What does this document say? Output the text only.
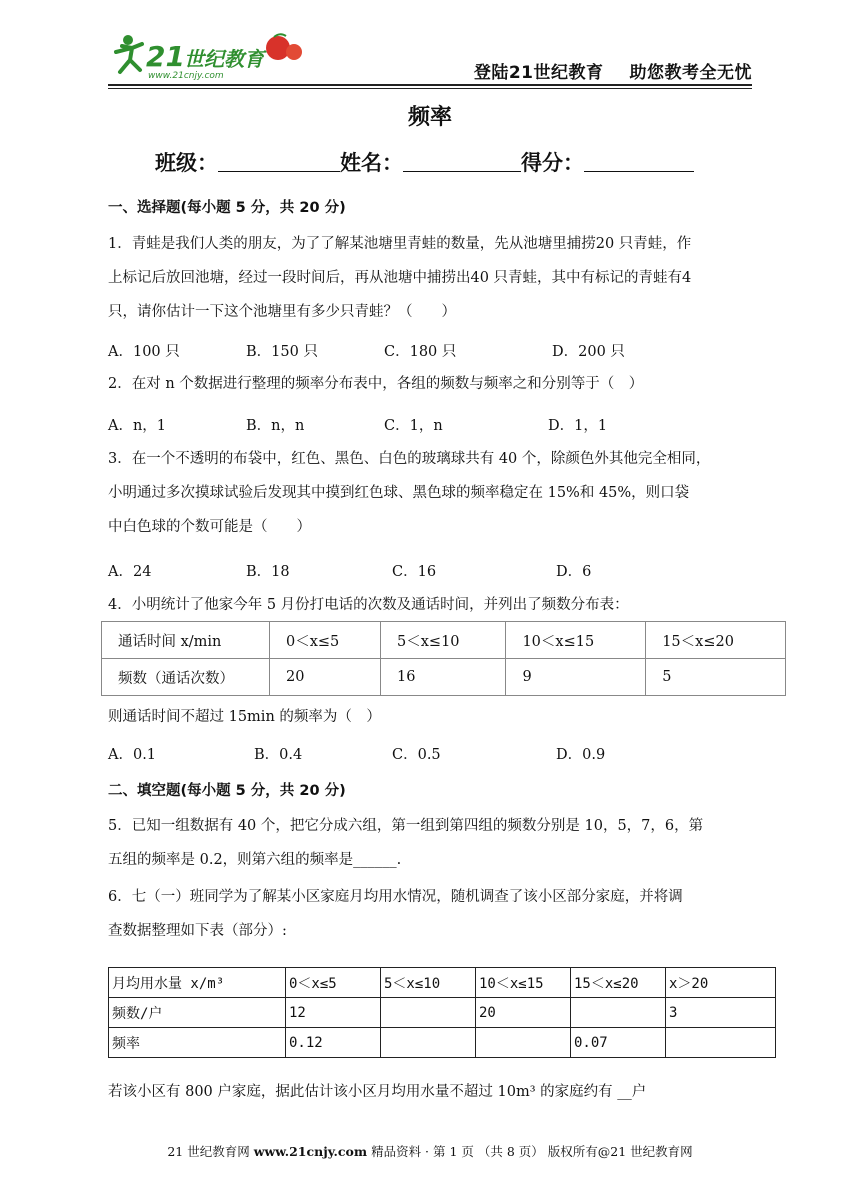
21 世纪教育
www.21cnjy.com	登陆21世纪教育 助您教考全无忧
频率
班级：	姓名：	得分：
一、选择题(每小题 5 分，共 20 分)
1．青蛙是我们人类的朋友，为了了解某池塘里青蛙的数量，先从池塘里捕捞20 只青蛙，作
上标记后放回池塘，经过一段时间后，再从池塘中捕捞出40 只青蛙，其中有标记的青蛙有4
只，请你估计一下这个池塘里有多少只青蛙？（　　）
A．100 只	B．150 只	C．180 只	D．200 只
2．在对 n 个数据进行整理的频率分布表中，各组的频数与频率之和分别等于（　）
A．n，1	B．n，n	C．1，n	D．1，1
3．在一个不透明的布袋中，红色、黑色、白色的玻璃球共有 40 个，除颜色外其他完全相同，
小明通过多次摸球试验后发现其中摸到红色球、黑色球的频率稳定在 15%和 45%，则口袋
中白色球的个数可能是（　　）
A．24	B．18	C．16	D．6
4．小明统计了他家今年 5 月份打电话的次数及通话时间，并列出了频数分布表：
通话时间 x/min	0＜x≤5	5＜x≤10	10＜x≤15	15＜x≤20
频数（通话次数）	20	16	9	5
则通话时间不超过 15min 的频率为（　）
A．0.1	B．0.4	C．0.5	D．0.9
二、填空题(每小题 5 分，共 20 分)
5．已知一组数据有 40 个，把它分成六组，第一组到第四组的频数分别是 10，5，7，6，第
五组的频率是 0.2，则第六组的频率是______.
6．七（一）班同学为了解某小区家庭月均用水情况，随机调查了该小区部分家庭，并将调
查数据整理如下表（部分）:
月均用水量 x/m³	0＜x≤5	5＜x≤10	10＜x≤15	15＜x≤20	x＞20
频数/户	12		20		3
频率	0.12			0.07	
若该小区有 800 户家庭，据此估计该小区月均用水量不超过 10m³ 的家庭约有 __户
21 世纪教育网 www.21cnjy.com 精品资料 · 第 1 页 （共 8 页） 版权所有@21 世纪教育网
